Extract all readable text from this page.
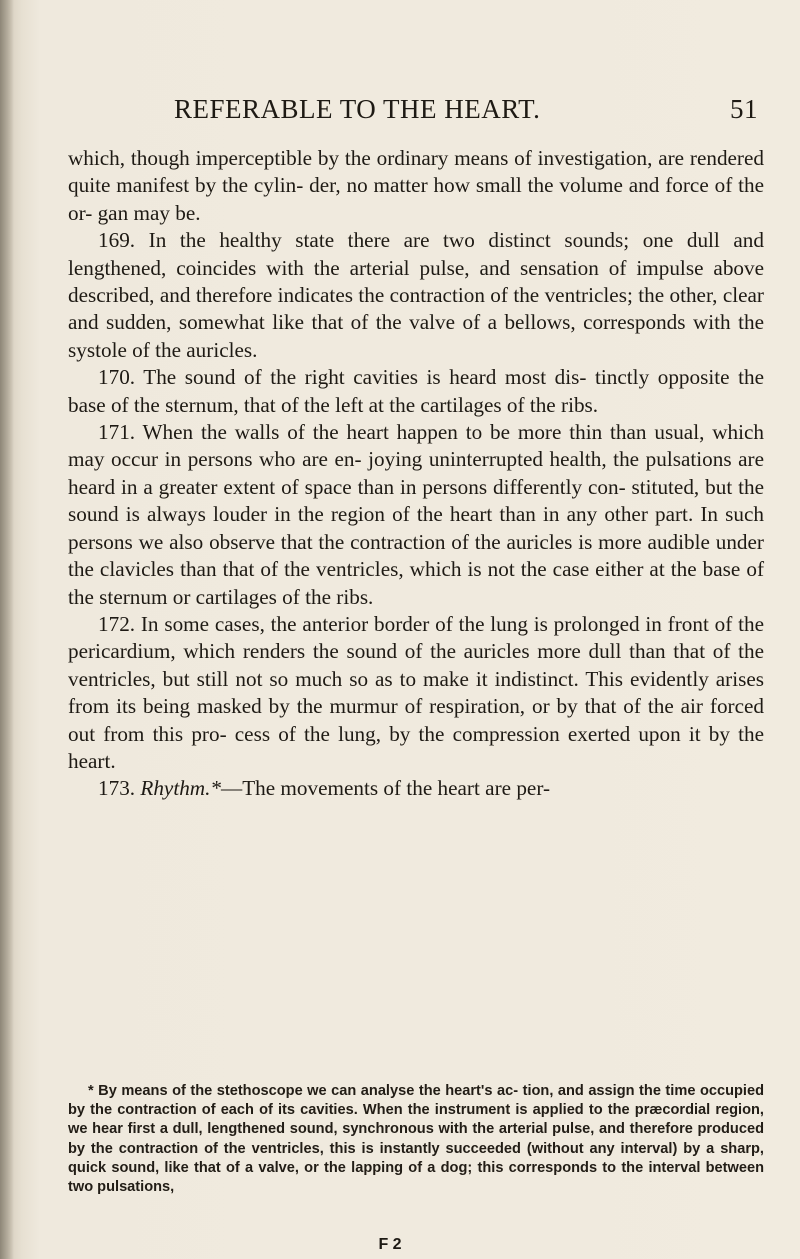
REFERABLE TO THE HEART.	51

which, though imperceptible by the ordinary means of investigation, are rendered quite manifest by the cylin- der, no matter how small the volume and force of the or- gan may be.

169. In the healthy state there are two distinct sounds; one dull and lengthened, coincides with the arterial pulse, and sensation of impulse above described, and therefore indicates the contraction of the ventricles; the other, clear and sudden, somewhat like that of the valve of a bellows, corresponds with the systole of the auricles.

170. The sound of the right cavities is heard most dis- tinctly opposite the base of the sternum, that of the left at the cartilages of the ribs.

171. When the walls of the heart happen to be more thin than usual, which may occur in persons who are en- joying uninterrupted health, the pulsations are heard in a greater extent of space than in persons differently con- stituted, but the sound is always louder in the region of the heart than in any other part. In such persons we also observe that the contraction of the auricles is more audible under the clavicles than that of the ventricles, which is not the case either at the base of the sternum or cartilages of the ribs.

172. In some cases, the anterior border of the lung is prolonged in front of the pericardium, which renders the sound of the auricles more dull than that of the ventricles, but still not so much so as to make it indistinct. This evidently arises from its being masked by the murmur of respiration, or by that of the air forced out from this pro- cess of the lung, by the compression exerted upon it by the heart.

173. Rhythm.*—The movements of the heart are per-

* By means of the stethoscope we can analyse the heart's ac- tion, and assign the time occupied by the contraction of each of its cavities. When the instrument is applied to the præcordial region, we hear first a dull, lengthened sound, synchronous with the arterial pulse, and therefore produced by the contraction of the ventricles, this is instantly succeeded (without any interval) by a sharp, quick sound, like that of a valve, or the lapping of a dog; this corresponds to the interval between two pulsations,

F 2
